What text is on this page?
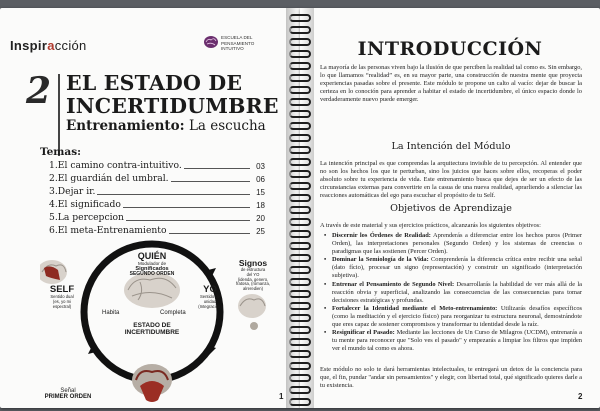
Inspiracción
ESCUELA DEL
PENSAMIENTO
INTUITIVO
2 EL ESTADO DE
INCERTIDUMBRE
Entrenamiento: La escucha
Temas:
1.El camino contra-intuitivo.	03
2.El guardián del umbral.	06
3.Dejar ir.	15
4.El significado	18
5.La percepcion	20
6.El meta-Entrenamiento	25
QUIÉN
Modulador de
Significados
SEGUNDO ORDEN
Signos
de estructura
del YO
(idenda, genero,
fratosa, (romanza,
alreredien)
SELF
Sentido dual
(es, yo mi
espectral)
YO
Sentido de
unidad
(Integración)
Habita	Completa
ESTADO DE
INCERTIDUMBRE
Señal
PRIMER ORDEN	1
INTRODUCCIÓN
La mayoría de las personas viven bajo la ilusión de que perciben la realidad tal como es. Sin embargo, lo que llamamos “realidad” es, en su mayor parte, una construcción de nuestra mente que proyecta experiencias pasadas sobre el presente. Este módulo te propone un calto al vacío: dejar de buscar la certeza en lo conoción para aprender a habitar el estado de incertidumbre, el único espacio donde lo verdaderamente nuevo puede emerger.
La Intención del Módulo
La intención principal es que comprendas la arquitectura invisible de tu percepción. Al entender que no son los hechos los que te perturban, sino los juicios que haces sobre ellos, recoperas el poder absoluto sobre tu experiencia de vida. Este entrenamiento busca que dejes de ser un efecto de las circunstancias externas para convertirte en la casua de una nueva realidad, aprarliendo a silenciar las reacciones automáticas del ego para escuchar el propósito de tu Self.
Objetivos de Aprendizaje
A través de este material y sus ejercicios prácticos, alcanzarás los siguientes objetivos:
• Discernir los Órdenes de Realidad: Aprenderás a diferenciar entre los hechos puros (Primer Orden), las interpretaciones personales (Segundo Orden) y los sistemas de creencias o paradigmas que las sostienen (Percer Orden).
• Dominar la Semiología de la Vida: Comprenderás la diferencia crítica entre recibir una señal (dato fício), procesar un signo (representación) y construir un significado (interpretación subjetiva).
• Entrenar el Pensamiento de Segundo Nivel: Desarrollarás la habilidad de ver más allá de la reacción obvia y superficial, analizando las consecuencias de las consecuencias para tomar decisiones estratégicas y profundas.
• Fortalecer la Identidad mediante el Meto-entrenamiento: Utilizarás desafíos específicos (como la meditación y el ejercicio físico) para reorganizar tu estructura neuronal, demostrándote que eres capaz de sostener compromisos y transformar tu identidad desde la raíz.
• Resignificar el Pasado: Mediante las lecciones de Un Curso de Milagros (UCDM), entrenarás a tu mente para reconocer que "Solo ves el pasado" y empezarás a limpiar los filtros que impiden ver el mundo tal como es ahora.
Este módulo no solo te dará herramientas intelectuales, te entregará un detox de la conciencia para que, el fin, pundar "andar sin pensamientos" y elegir, con libertad total, qué significado quieres darle a tu existencia.
2
